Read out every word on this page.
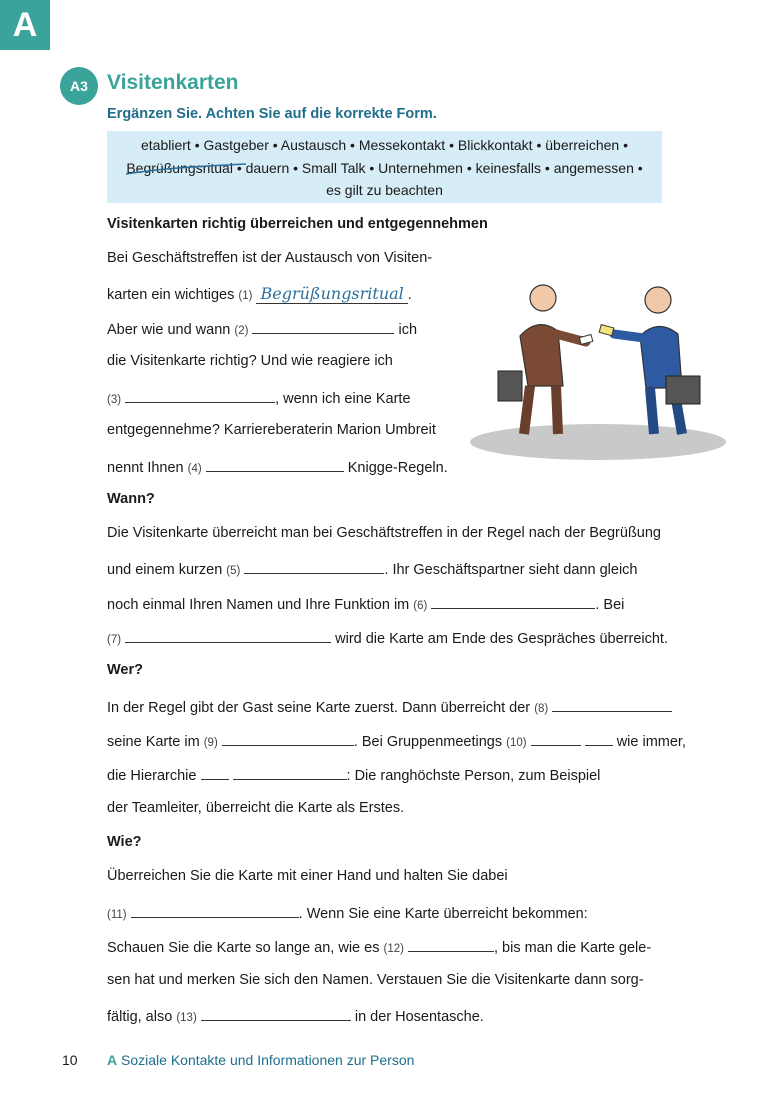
A
A3 Visitenkarten
Ergänzen Sie. Achten Sie auf die korrekte Form.
etabliert • Gastgeber • Austausch • Messekontakt • Blickkontakt • überreichen •
Begrüßungsritual
• dauern • Small Talk • Unternehmen • keinesfalls • angemessen •
es gilt zu beachten
Visitenkarten richtig überreichen und entgegennehmen
Bei Geschäftstreffen ist der Austausch von Visiten-
karten ein wichtiges (1) Begrüßungsritual .
Aber wie und wann (2)	ich
die Visitenkarte richtig? Und wie reagiere ich
(3)	, wenn ich eine Karte
entgegennehme? Karriereberaterin Marion Umbreit
nennt Ihnen (4)	Knigge-Regeln.
Wann?
Die Visitenkarte überreicht man bei Geschäftstreffen in der Regel nach der Begrüßung
und einem kurzen (5)	. Ihr Geschäftspartner sieht dann gleich
noch einmal Ihren Namen und Ihre Funktion im (6)	. Bei
(7)	wird die Karte am Ende des Gespräches überreicht.
Wer?
In der Regel gibt der Gast seine Karte zuerst. Dann überreicht der (8)
seine Karte im (9)	. Bei Gruppenmeetings (10)	wie immer,
die Hierarchie	: Die ranghöchste Person, zum Beispiel
der Teamleiter, überreicht die Karte als Erstes.
Wie?
Überreichen Sie die Karte mit einer Hand und halten Sie dabei
(11)	. Wenn Sie eine Karte überreicht bekommen:
Schauen Sie die Karte so lange an, wie es (12)	, bis man die Karte gele-
sen hat und merken Sie sich den Namen. Verstauen Sie die Visitenkarte dann sorg-
fältig, also (13)	in der Hosentasche.
10 A Soziale Kontakte und Informationen zur Person
